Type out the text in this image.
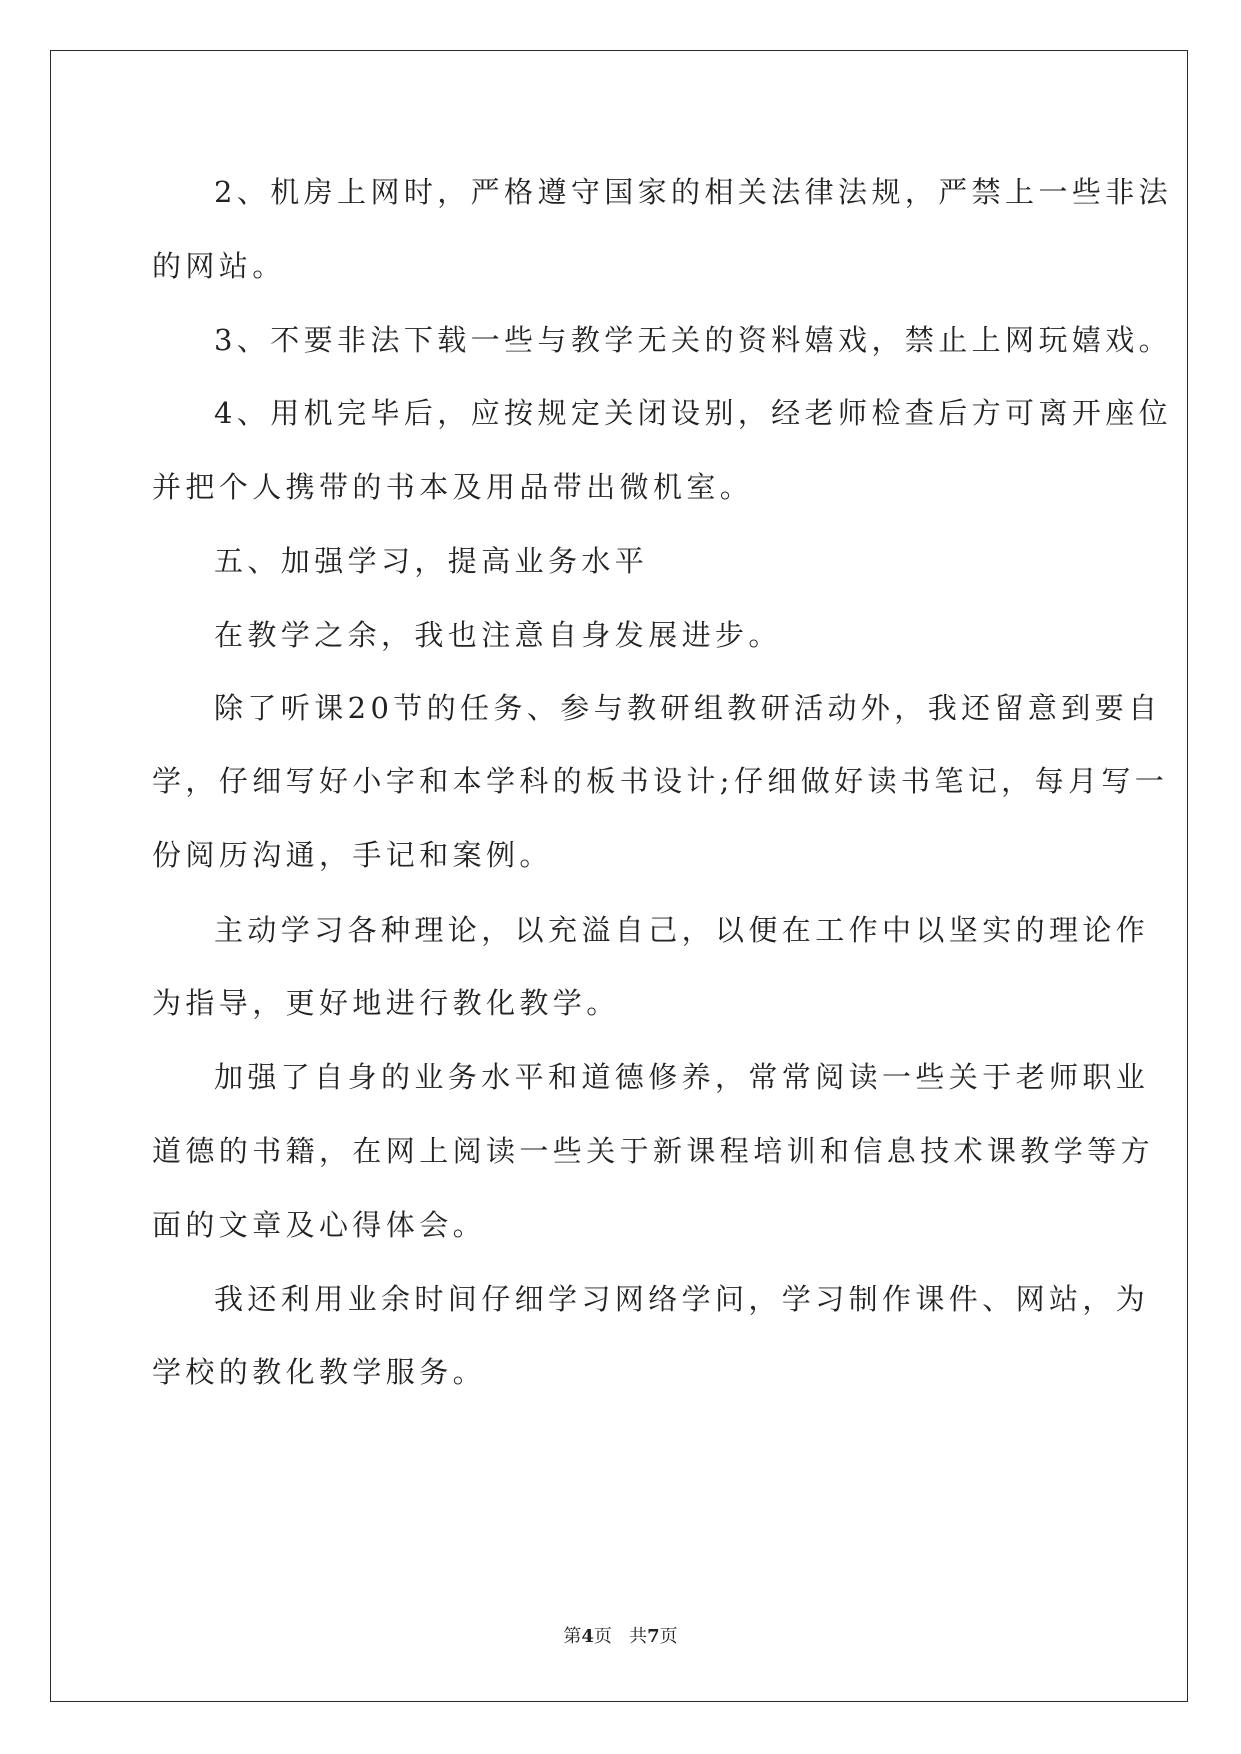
2、机房上网时，严格遵守国家的相关法律法规，严禁上一些非法

的网站。

3、不要非法下载一些与教学无关的资料嬉戏，禁止上网玩嬉戏。

4、用机完毕后，应按规定关闭设别，经老师检查后方可离开座位

并把个人携带的书本及用品带出微机室。

五、加强学习，提高业务水平

在教学之余，我也注意自身发展进步。

除了听课20节的任务、参与教研组教研活动外，我还留意到要自

学，仔细写好小字和本学科的板书设计;仔细做好读书笔记，每月写一

份阅历沟通，手记和案例。

主动学习各种理论，以充溢自己，以便在工作中以坚实的理论作

为指导，更好地进行教化教学。

加强了自身的业务水平和道德修养，常常阅读一些关于老师职业

道德的书籍，在网上阅读一些关于新课程培训和信息技术课教学等方

面的文章及心得体会。

我还利用业余时间仔细学习网络学问，学习制作课件、网站，为

学校的教化教学服务。

第4页 共7页
